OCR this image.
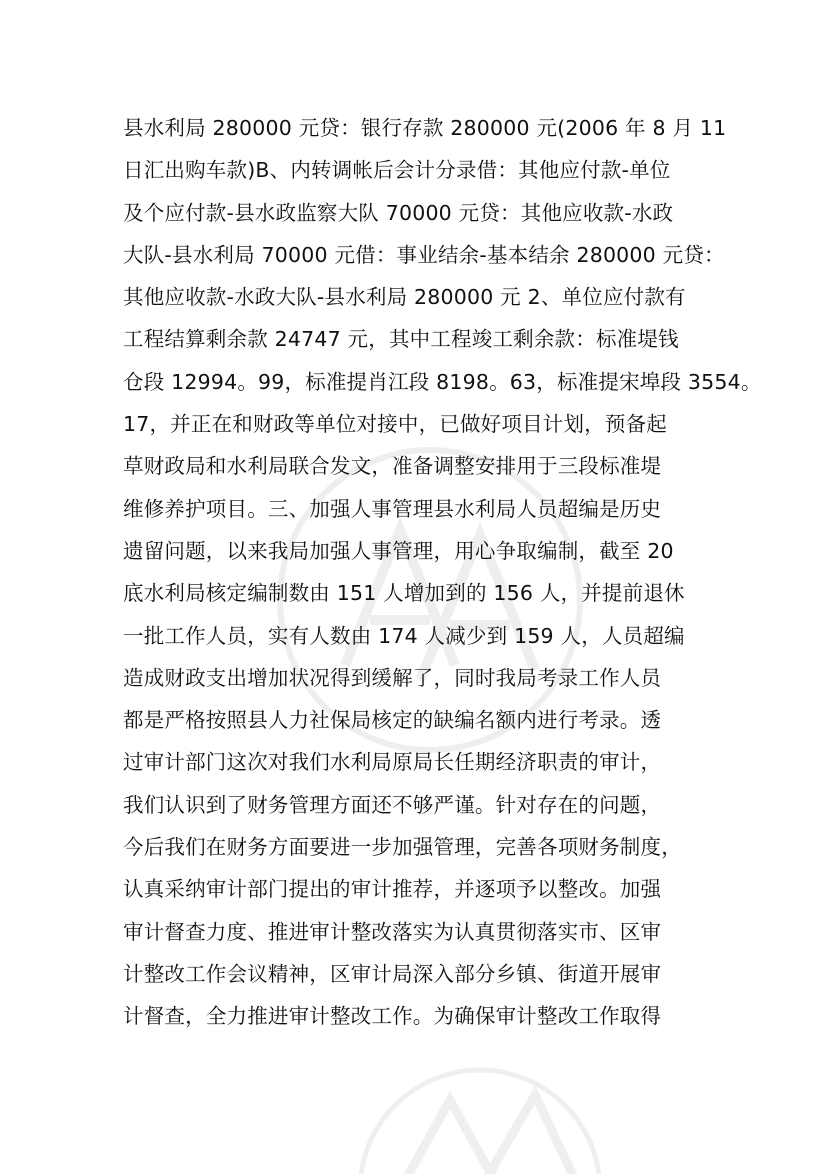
县水利局 280000 元贷：银行存款 280000 元(2006 年 8 月 11
日汇出购车款)B、内转调帐后会计分录借：其他应付款-单位
及个应付款-县水政监察大队 70000 元贷：其他应收款-水政
大队-县水利局 70000 元借：事业结余-基本结余 280000 元贷：
其他应收款-水政大队-县水利局 280000 元 2、单位应付款有
工程结算剩余款 24747 元，其中工程竣工剩余款：标准堤钱
仓段 12994。99，标准提肖江段 8198。63，标准提宋埠段 3554。
17，并正在和财政等单位对接中，已做好项目计划，预备起
草财政局和水利局联合发文，准备调整安排用于三段标准堤
维修养护项目。三、加强人事管理县水利局人员超编是历史
遗留问题，以来我局加强人事管理，用心争取编制，截至 20
底水利局核定编制数由 151 人增加到的 156 人，并提前退休
一批工作人员，实有人数由 174 人减少到 159 人，人员超编
造成财政支出增加状况得到缓解了，同时我局考录工作人员
都是严格按照县人力社保局核定的缺编名额内进行考录。透
过审计部门这次对我们水利局原局长任期经济职责的审计，
我们认识到了财务管理方面还不够严谨。针对存在的问题，
今后我们在财务方面要进一步加强管理，完善各项财务制度，
认真采纳审计部门提出的审计推荐，并逐项予以整改。加强
审计督查力度、推进审计整改落实为认真贯彻落实市、区审
计整改工作会议精神，区审计局深入部分乡镇、街道开展审
计督查，全力推进审计整改工作。为确保审计整改工作取得
